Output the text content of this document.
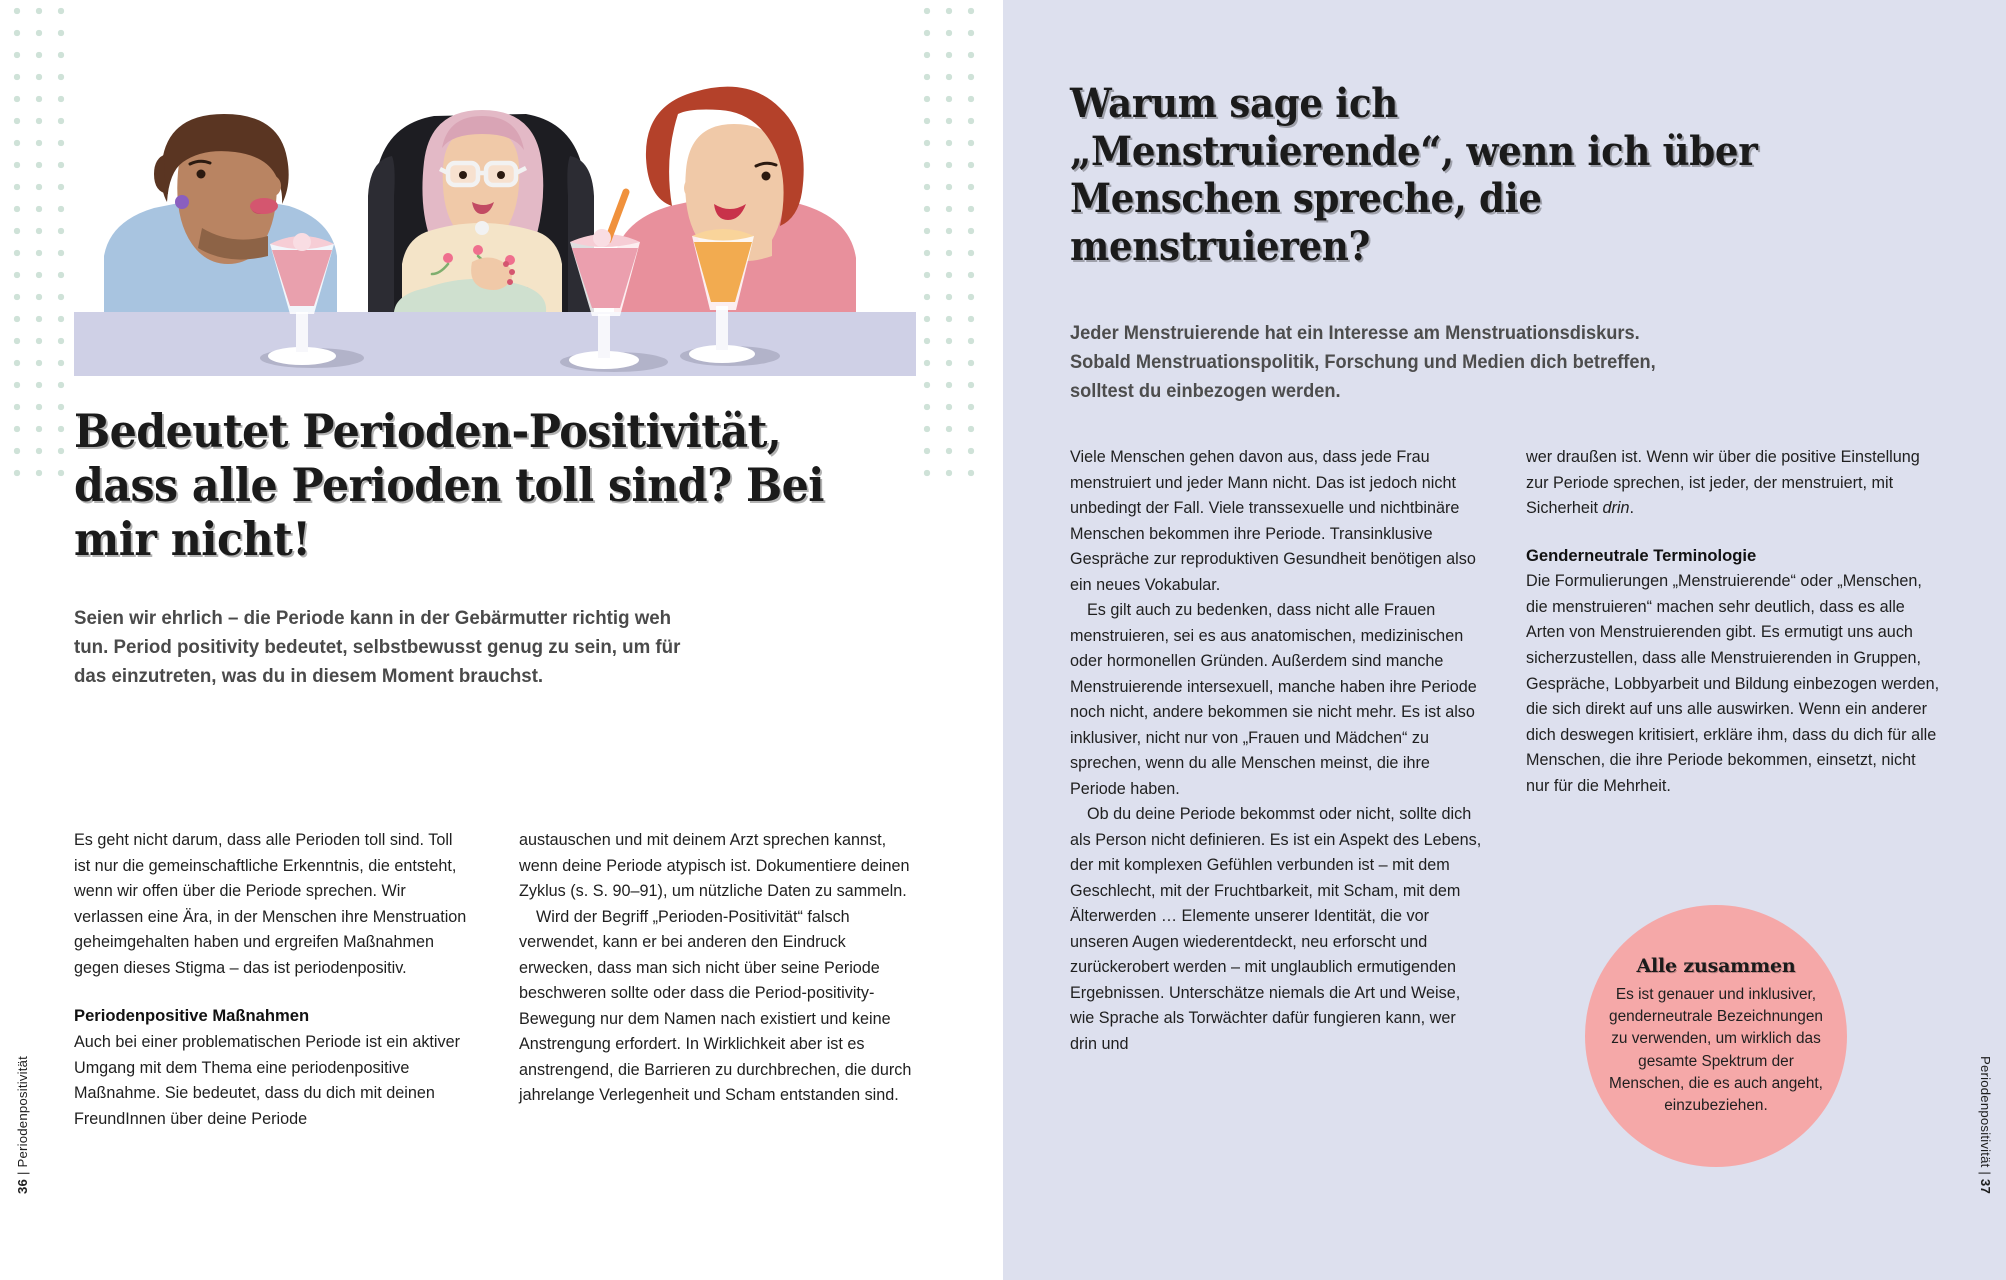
Bedeutet Perioden-Positivität, dass alle Perioden toll sind? Bei mir nicht!

Seien wir ehrlich – die Periode kann in der Gebärmutter richtig weh tun. Period positivity bedeutet, selbstbewusst genug zu sein, um für das einzutreten, was du in diesem Moment brauchst.

Es geht nicht darum, dass alle Perioden toll sind. Toll ist nur die gemeinschaftliche Erkenntnis, die entsteht, wenn wir offen über die Periode sprechen. Wir verlassen eine Ära, in der Menschen ihre Menstruation geheimgehalten haben und ergreifen Maßnahmen gegen dieses Stigma – das ist periodenpositiv.

Periodenpositive Maßnahmen

Auch bei einer problematischen Periode ist ein aktiver Umgang mit dem Thema eine periodenpositive Maßnahme. Sie bedeutet, dass du dich mit deinen FreundInnen über deine Periode

austauschen und mit deinem Arzt sprechen kannst, wenn deine Periode atypisch ist. Dokumentiere deinen Zyklus (s. S. 90–91), um nützliche Daten zu sammeln.

Wird der Begriff „Perioden-Positivität“ falsch verwendet, kann er bei anderen den Eindruck erwecken, dass man sich nicht über seine Periode beschweren sollte oder dass die Period-positivity-Bewegung nur dem Namen nach existiert und keine Anstrengung erfordert. In Wirklichkeit aber ist es anstrengend, die Barrieren zu durchbrechen, die durch jahrelange Verlegenheit und Scham entstanden sind.

36 | Periodenpositivität
Warum sage ich „Menstruierende“, wenn ich über Menschen spreche, die menstruieren?

Jeder Menstruierende hat ein Interesse am Menstruationsdiskurs. Sobald Menstruationspolitik, Forschung und Medien dich betreffen, solltest du einbezogen werden.

Viele Menschen gehen davon aus, dass jede Frau menstruiert und jeder Mann nicht. Das ist jedoch nicht unbedingt der Fall. Viele transsexuelle und nichtbinäre Menschen bekommen ihre Periode. Transinklusive Gespräche zur reproduktiven Gesundheit benötigen also ein neues Vokabular.

Es gilt auch zu bedenken, dass nicht alle Frauen menstruieren, sei es aus anatomischen, medizinischen oder hormonellen Gründen. Außerdem sind manche Menstruierende intersexuell, manche haben ihre Periode noch nicht, andere bekommen sie nicht mehr. Es ist also inklusiver, nicht nur von „Frauen und Mädchen“ zu sprechen, wenn du alle Menschen meinst, die ihre Periode haben.

Ob du deine Periode bekommst oder nicht, sollte dich als Person nicht definieren. Es ist ein Aspekt des Lebens, der mit komplexen Gefühlen verbunden ist – mit dem Geschlecht, mit der Fruchtbarkeit, mit Scham, mit dem Älterwerden … Elemente unserer Identität, die vor unseren Augen wiederentdeckt, neu erforscht und zurückerobert werden – mit unglaublich ermutigenden Ergebnissen. Unterschätze niemals die Art und Weise, wie Sprache als Torwächter dafür fungieren kann, wer drin und

wer draußen ist. Wenn wir über die positive Einstellung zur Periode sprechen, ist jeder, der menstruiert, mit Sicherheit drin.

Genderneutrale Terminologie

Die Formulierungen „Menstruierende“ oder „Menschen, die menstruieren“ machen sehr deutlich, dass es alle Arten von Menstruierenden gibt. Es ermutigt uns auch sicherzustellen, dass alle Menstruierenden in Gruppen, Gespräche, Lobbyarbeit und Bildung einbezogen werden, die sich direkt auf uns alle auswirken. Wenn ein anderer dich deswegen kritisiert, erkläre ihm, dass du dich für alle Menschen, die ihre Periode bekommen, einsetzt, nicht nur für die Mehrheit.

Alle zusammen

Es ist genauer und inklusiver, genderneutrale Bezeichnungen zu verwenden, um wirklich das gesamte Spektrum der Menschen, die es auch angeht, einzubeziehen.	Periodenpositivität | 37
